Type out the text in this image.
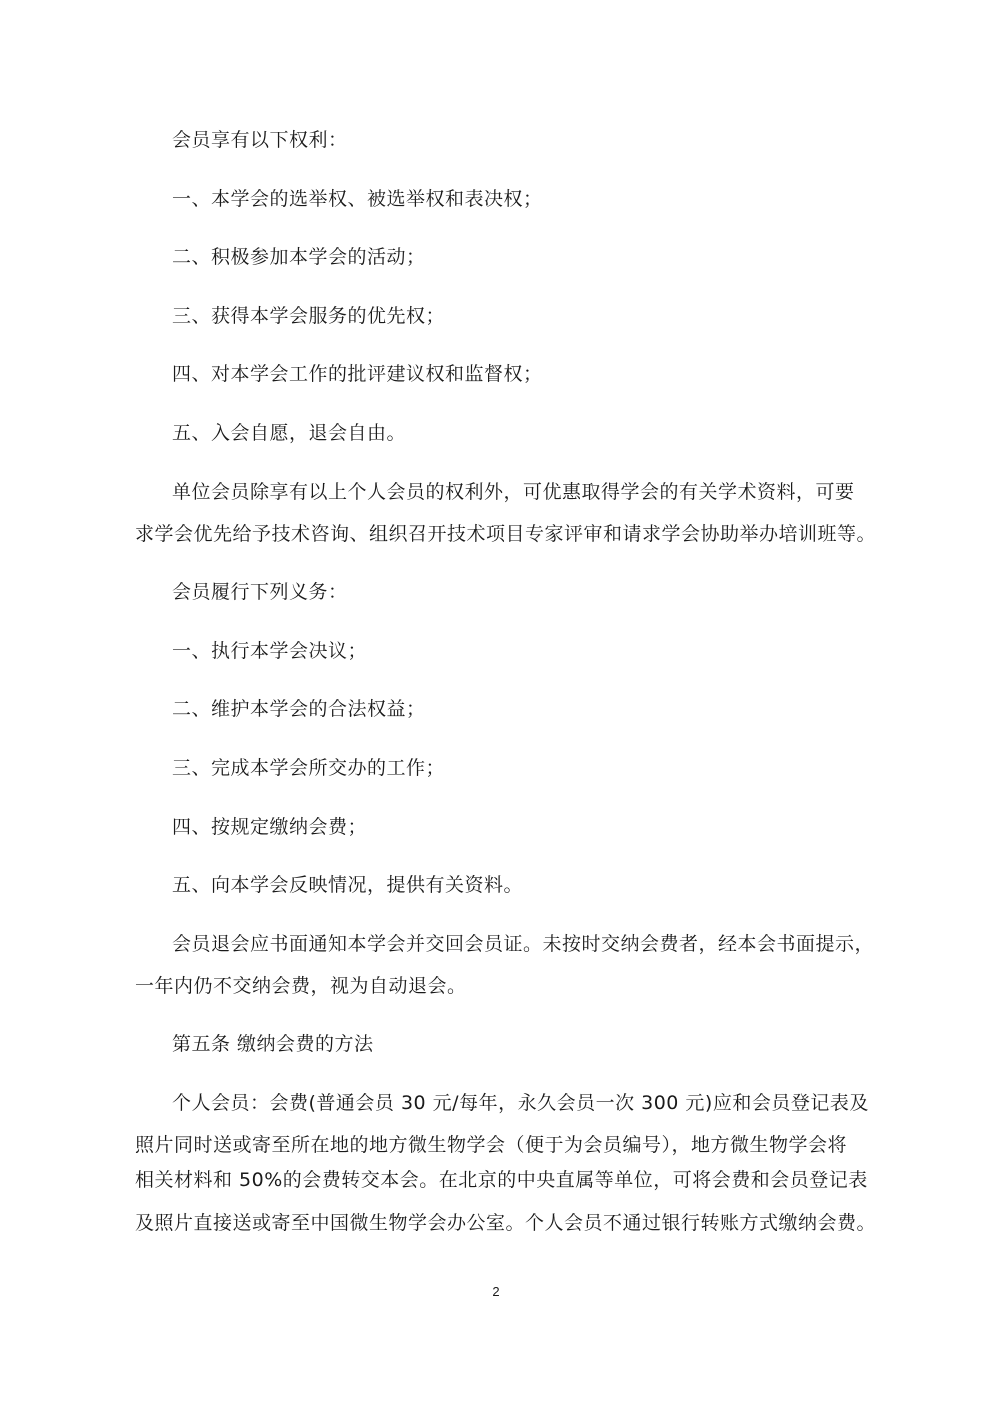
会员享有以下权利：
一、本学会的选举权、被选举权和表决权；
二、积极参加本学会的活动；
三、获得本学会服务的优先权；
四、对本学会工作的批评建议权和监督权；
五、入会自愿，退会自由。
单位会员除享有以上个人会员的权利外，可优惠取得学会的有关学术资料，可要
求学会优先给予技术咨询、组织召开技术项目专家评审和请求学会协助举办培训班等。
会员履行下列义务：
一、执行本学会决议；
二、维护本学会的合法权益；
三、完成本学会所交办的工作；
四、按规定缴纳会费；
五、向本学会反映情况，提供有关资料。
会员退会应书面通知本学会并交回会员证。未按时交纳会费者，经本会书面提示，
一年内仍不交纳会费，视为自动退会。
第五条 缴纳会费的方法
个人会员：会费(普通会员 30 元/每年，永久会员一次 300 元)应和会员登记表及
照片同时送或寄至所在地的地方微生物学会（便于为会员编号），地方微生物学会将
相关材料和 50%的会费转交本会。在北京的中央直属等单位，可将会费和会员登记表
及照片直接送或寄至中国微生物学会办公室。个人会员不通过银行转账方式缴纳会费。
2
